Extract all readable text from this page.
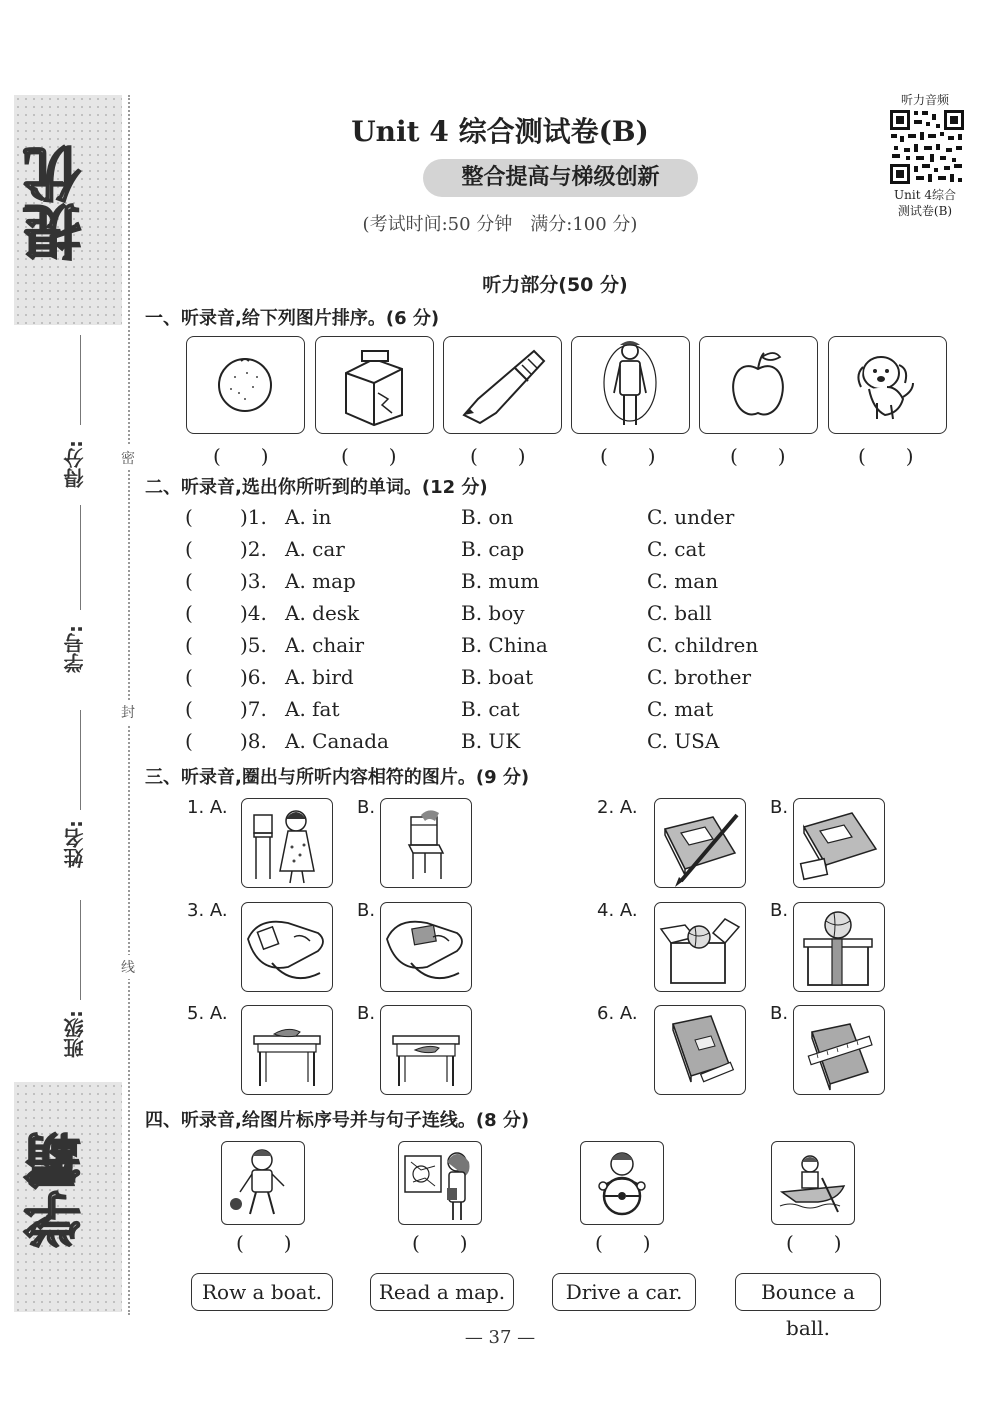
提优
学霸
得分:
学号:
姓名:
班级:
密
封
线
Unit 4 综合测试卷(B)
整合提高与梯级创新
(考试时间:50 分钟　满分:100 分)
听力音频
Unit 4综合
测试卷(B)
听力部分(50 分)
一、听录音,给下列图片排序。(6 分)
(　　)	(　　)	(　　)	(　　)	(　　)	(　　)
二、听录音,选出你所听到的单词。(12 分)
( )1. A. in	B. on	C. under
( )2. A. car	B. cap	C. cat
( )3. A. map	B. mum	C. man
( )4. A. desk	B. boy	C. ball
( )5. A. chair	B. China	C. children
( )6. A. bird	B. boat	C. brother
( )7. A. fat	B. cat	C. mat
( )8. A. Canada	B. UK	C. USA
三、听录音,圈出与所听内容相符的图片。(9 分)
1. A.	B.	2. A.	B.
3. A.	B.	4. A.	B.
5. A.	B.	6. A.	B.
四、听录音,给图片标序号并与句子连线。(8 分)
(　　)	(　　)	(　　)	(　　)
Row a boat.	Read a map.	Drive a car.	Bounce a ball.
— 37 —
